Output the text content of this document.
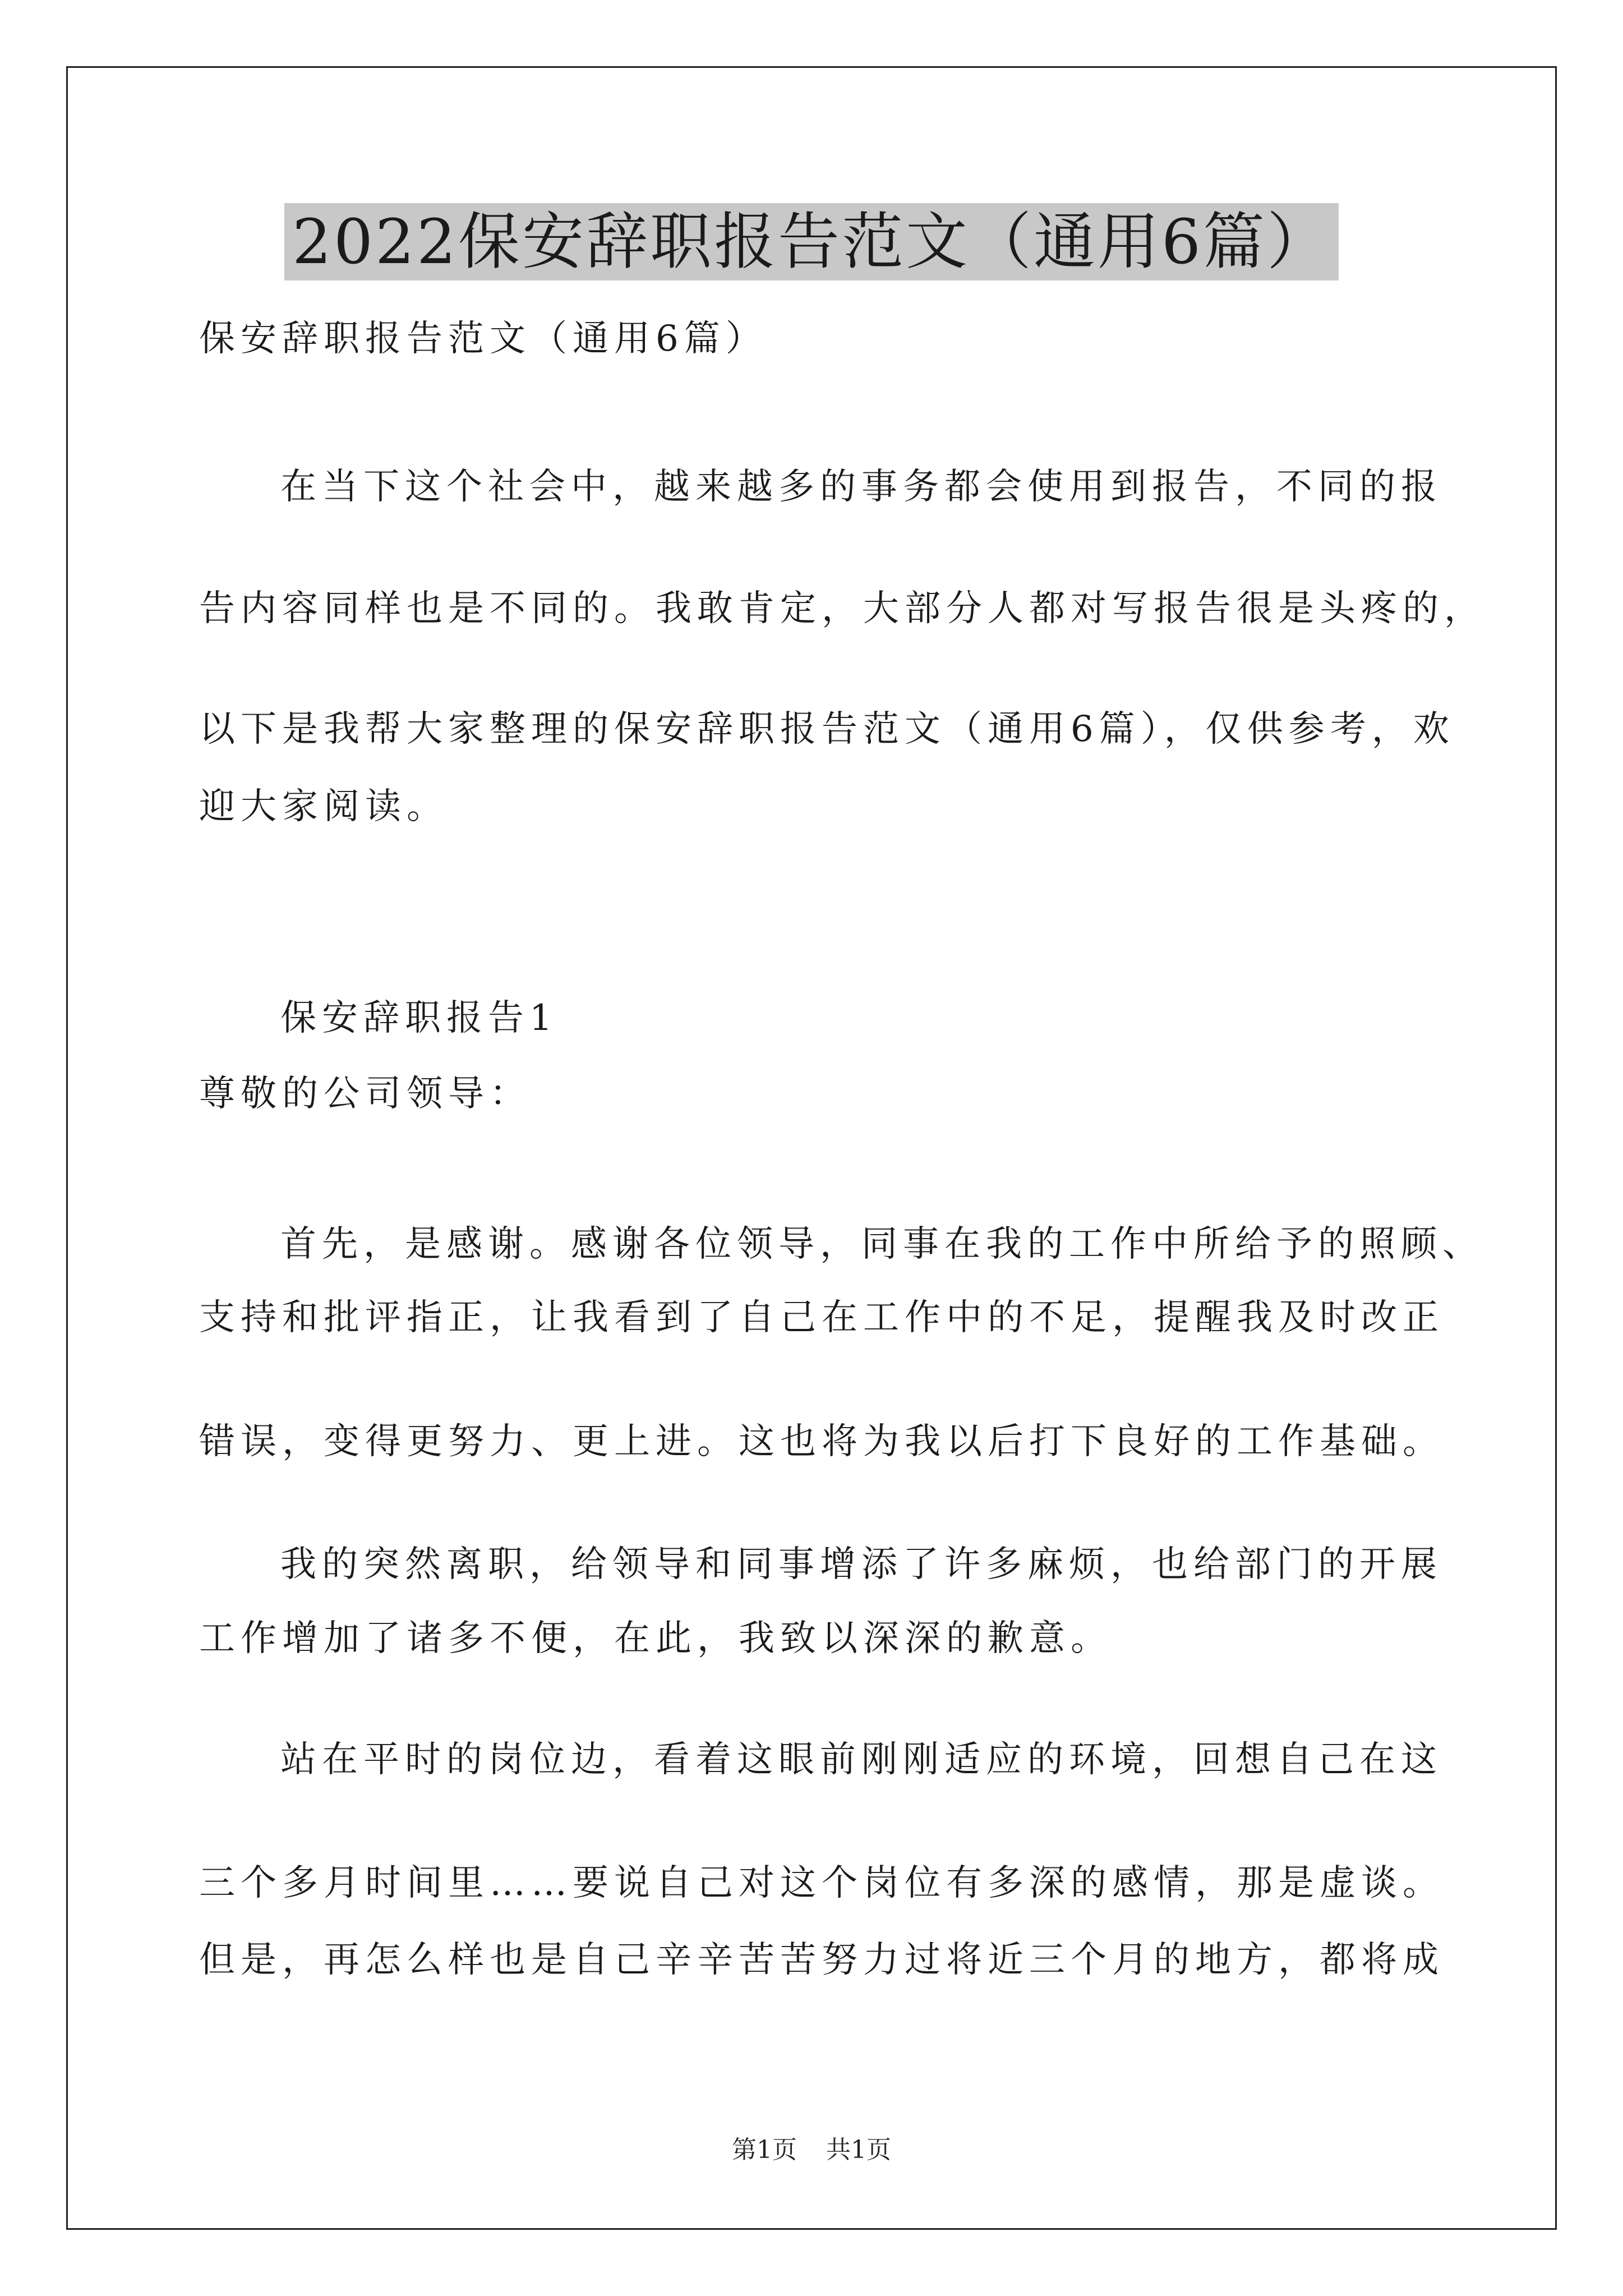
2022保安辞职报告范文（通用6篇）
保安辞职报告范文（通用6篇）
在当下这个社会中，越来越多的事务都会使用到报告，不同的报
告内容同样也是不同的。我敢肯定，大部分人都对写报告很是头疼的，
以下是我帮大家整理的保安辞职报告范文（通用6篇），仅供参考，欢
迎大家阅读。
保安辞职报告1
尊敬的公司领导：
首先，是感谢。感谢各位领导，同事在我的工作中所给予的照顾、
支持和批评指正，让我看到了自己在工作中的不足，提醒我及时改正
错误，变得更努力、更上进。这也将为我以后打下良好的工作基础。
我的突然离职，给领导和同事增添了许多麻烦，也给部门的开展
工作增加了诸多不便，在此，我致以深深的歉意。
站在平时的岗位边，看着这眼前刚刚适应的环境，回想自己在这
三个多月时间里……要说自己对这个岗位有多深的感情，那是虚谈。
但是，再怎么样也是自己辛辛苦苦努力过将近三个月的地方，都将成
第1页 共1页
